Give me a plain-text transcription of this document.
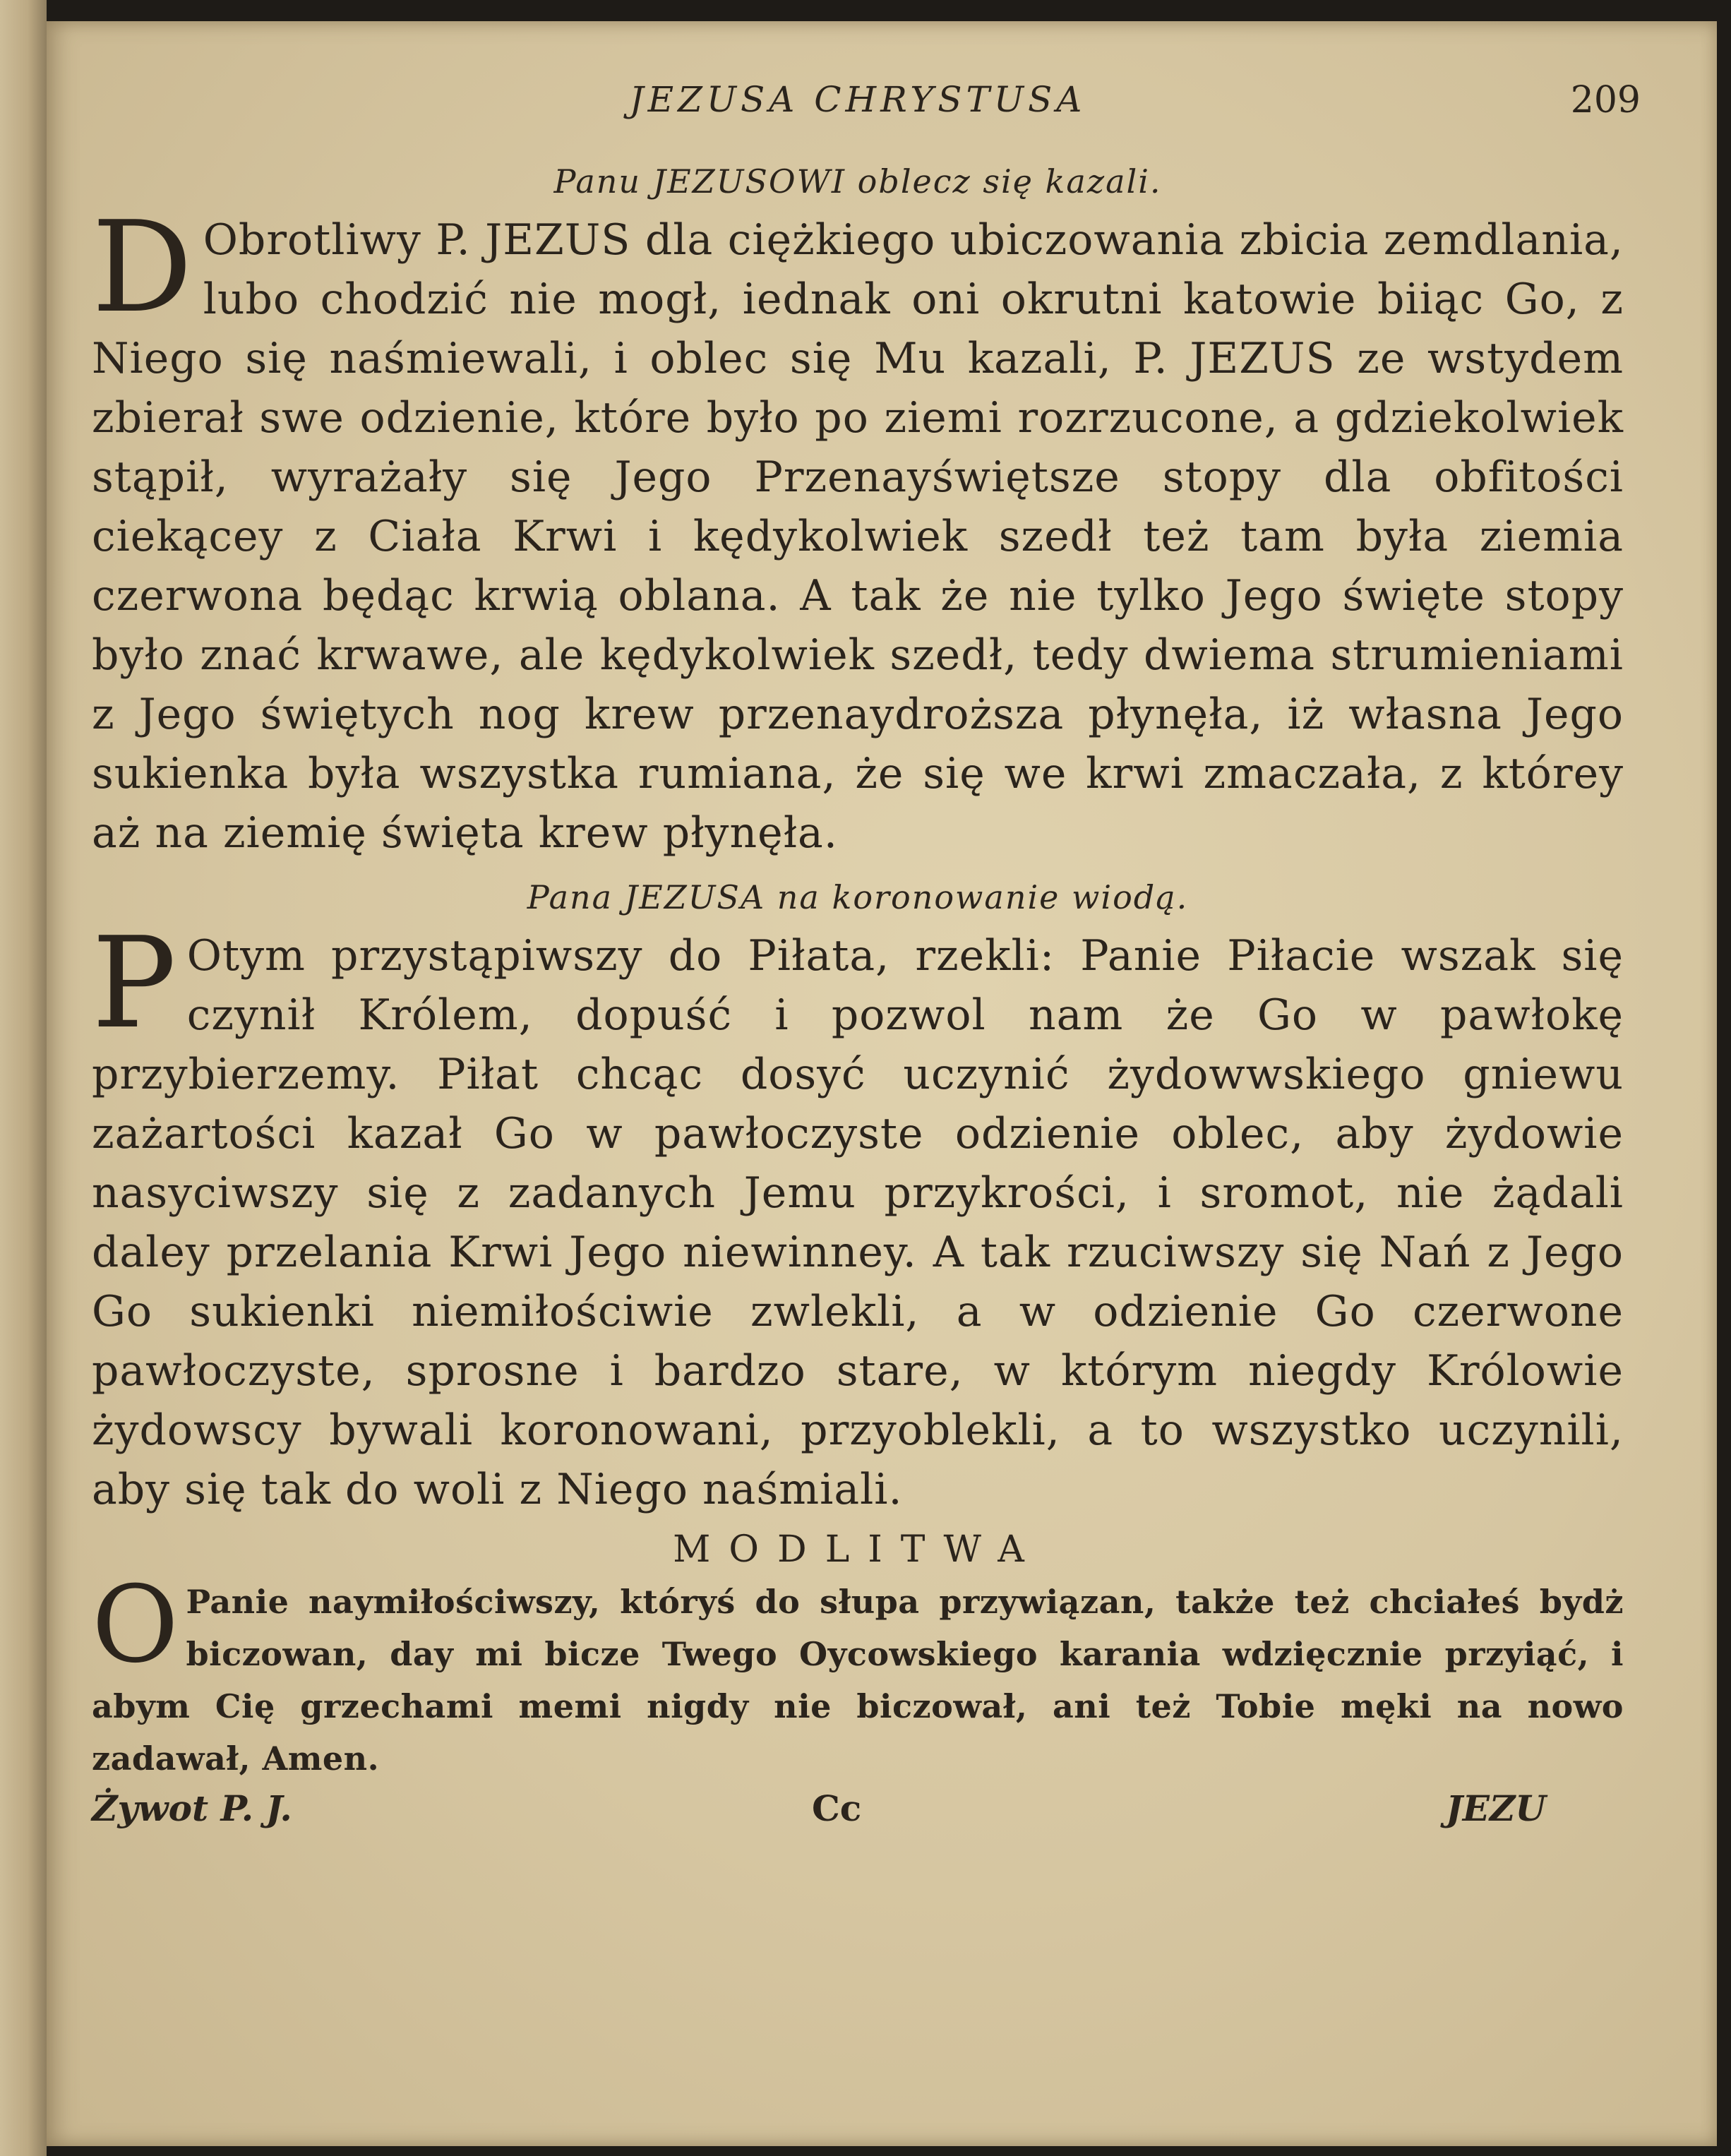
JEZUSA CHRYSTUSA	209
Panu JEZUSOWI oblecz się kazali.

D Obrotliwy P. JEZUS dla ciężkiego ubiczowania zbicia zemdlania, lubo chodzić nie mogł, iednak oni okrutni katowie biiąc Go, z Niego się naśmiewali, i oblec się Mu kazali, P. JEZUS ze wstydem zbierał swe odzienie, które było po ziemi rozrzucone, a gdziekolwiek stąpił, wyrażały się Jego Przenayświętsze stopy dla obfitości ciekącey z Ciała Krwi i kędykolwiek szedł też tam była ziemia czerwona będąc krwią oblana. A tak że nie tylko Jego święte stopy było znać krwawe, ale kędykolwiek szedł, tedy dwiema strumieniami z Jego świętych nog krew przenaydroższa płynęła, iż własna Jego sukienka była wszystka rumiana, że się we krwi zmaczała, z którey aż na ziemię święta krew płynęła.

Pana JEZUSA na koronowanie wiodą.

P Otym przystąpiwszy do Piłata, rzekli: Panie Piłacie wszak się czynił Królem, dopuść i pozwol nam że Go w pawłokę przybierzemy. Piłat chcąc dosyć uczynić żydowwskiego gniewu zażartości kazał Go w pawłoczyste odzienie oblec, aby żydowie nasyciwszy się z zadanych Jemu przykrości, i sromot, nie żądali daley przelania Krwi Jego niewinney. A tak rzuciwszy się Nań z Jego Go sukienki niemiłościwie zwlekli, a w odzienie Go czerwone pawłoczyste, sprosne i bardzo stare, w którym niegdy Królowie żydowscy bywali koronowani, przyoblekli, a to wszystko uczynili, aby się tak do woli z Niego naśmiali.

MODLITWA

O Panie naymiłościwszy, któryś do słupa przywiązan, także też chciałeś bydż biczowan, day mi bicze Twego Oycowskiego karania wdzięcznie przyiąć, i abym Cię grzechami memi nigdy nie biczował, ani też Tobie męki na nowo zadawał, Amen.

Żywot P. J.	Cc	JEZU
